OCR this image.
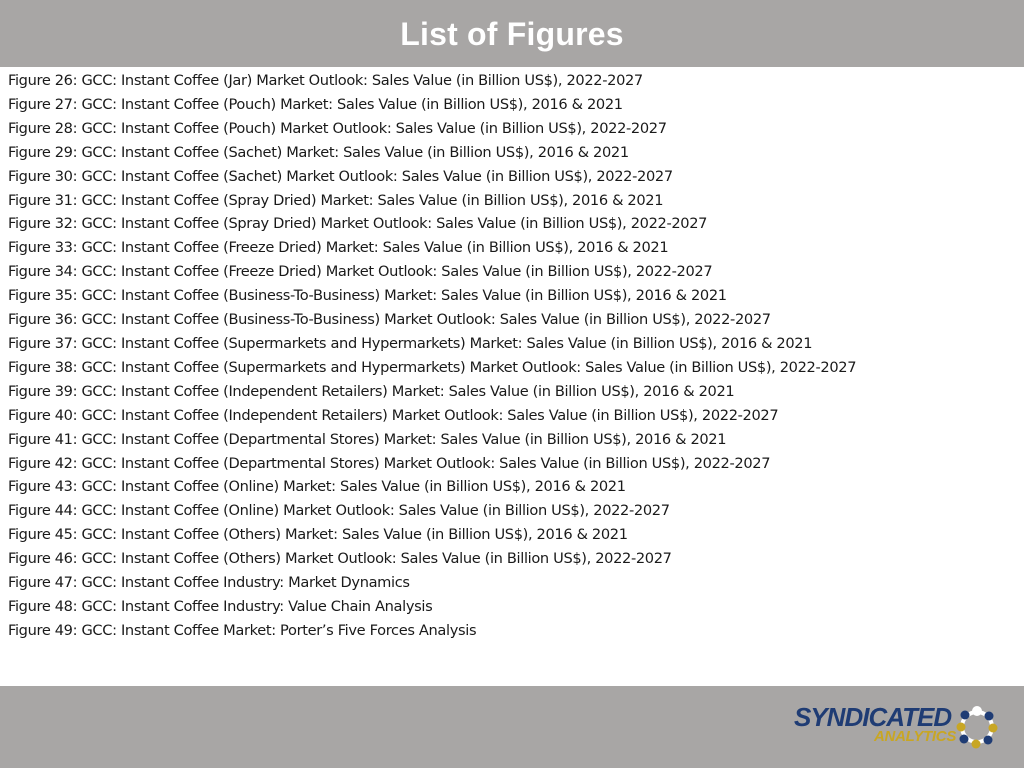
List of Figures
Figure 26: GCC: Instant Coffee (Jar) Market Outlook: Sales Value (in Billion US$), 2022-2027
Figure 27: GCC: Instant Coffee (Pouch) Market: Sales Value (in Billion US$), 2016 & 2021
Figure 28: GCC: Instant Coffee (Pouch) Market Outlook: Sales Value (in Billion US$), 2022-2027
Figure 29: GCC: Instant Coffee (Sachet) Market: Sales Value (in Billion US$), 2016 & 2021
Figure 30: GCC: Instant Coffee (Sachet) Market Outlook: Sales Value (in Billion US$), 2022-2027
Figure 31: GCC: Instant Coffee (Spray Dried) Market: Sales Value (in Billion US$), 2016 & 2021
Figure 32: GCC: Instant Coffee (Spray Dried) Market Outlook: Sales Value (in Billion US$), 2022-2027
Figure 33: GCC: Instant Coffee (Freeze Dried) Market: Sales Value (in Billion US$), 2016 & 2021
Figure 34: GCC: Instant Coffee (Freeze Dried) Market Outlook: Sales Value (in Billion US$), 2022-2027
Figure 35: GCC: Instant Coffee (Business-To-Business) Market: Sales Value (in Billion US$), 2016 & 2021
Figure 36: GCC: Instant Coffee (Business-To-Business) Market Outlook: Sales Value (in Billion US$), 2022-2027
Figure 37: GCC: Instant Coffee (Supermarkets and Hypermarkets) Market: Sales Value (in Billion US$), 2016 & 2021
Figure 38: GCC: Instant Coffee (Supermarkets and Hypermarkets) Market Outlook: Sales Value (in Billion US$), 2022-2027
Figure 39: GCC: Instant Coffee (Independent Retailers) Market: Sales Value (in Billion US$), 2016 & 2021
Figure 40: GCC: Instant Coffee (Independent Retailers) Market Outlook: Sales Value (in Billion US$), 2022-2027
Figure 41: GCC: Instant Coffee (Departmental Stores) Market: Sales Value (in Billion US$), 2016 & 2021
Figure 42: GCC: Instant Coffee (Departmental Stores) Market Outlook: Sales Value (in Billion US$), 2022-2027
Figure 43: GCC: Instant Coffee (Online) Market: Sales Value (in Billion US$), 2016 & 2021
Figure 44: GCC: Instant Coffee (Online) Market Outlook: Sales Value (in Billion US$), 2022-2027
Figure 45: GCC: Instant Coffee (Others) Market: Sales Value (in Billion US$), 2016 & 2021
Figure 46: GCC: Instant Coffee (Others) Market Outlook: Sales Value (in Billion US$), 2022-2027
Figure 47: GCC: Instant Coffee Industry: Market Dynamics
Figure 48: GCC: Instant Coffee Industry: Value Chain Analysis
Figure 49: GCC: Instant Coffee Market: Porter’s Five Forces Analysis
SYNDICATED
ANALYTICS
